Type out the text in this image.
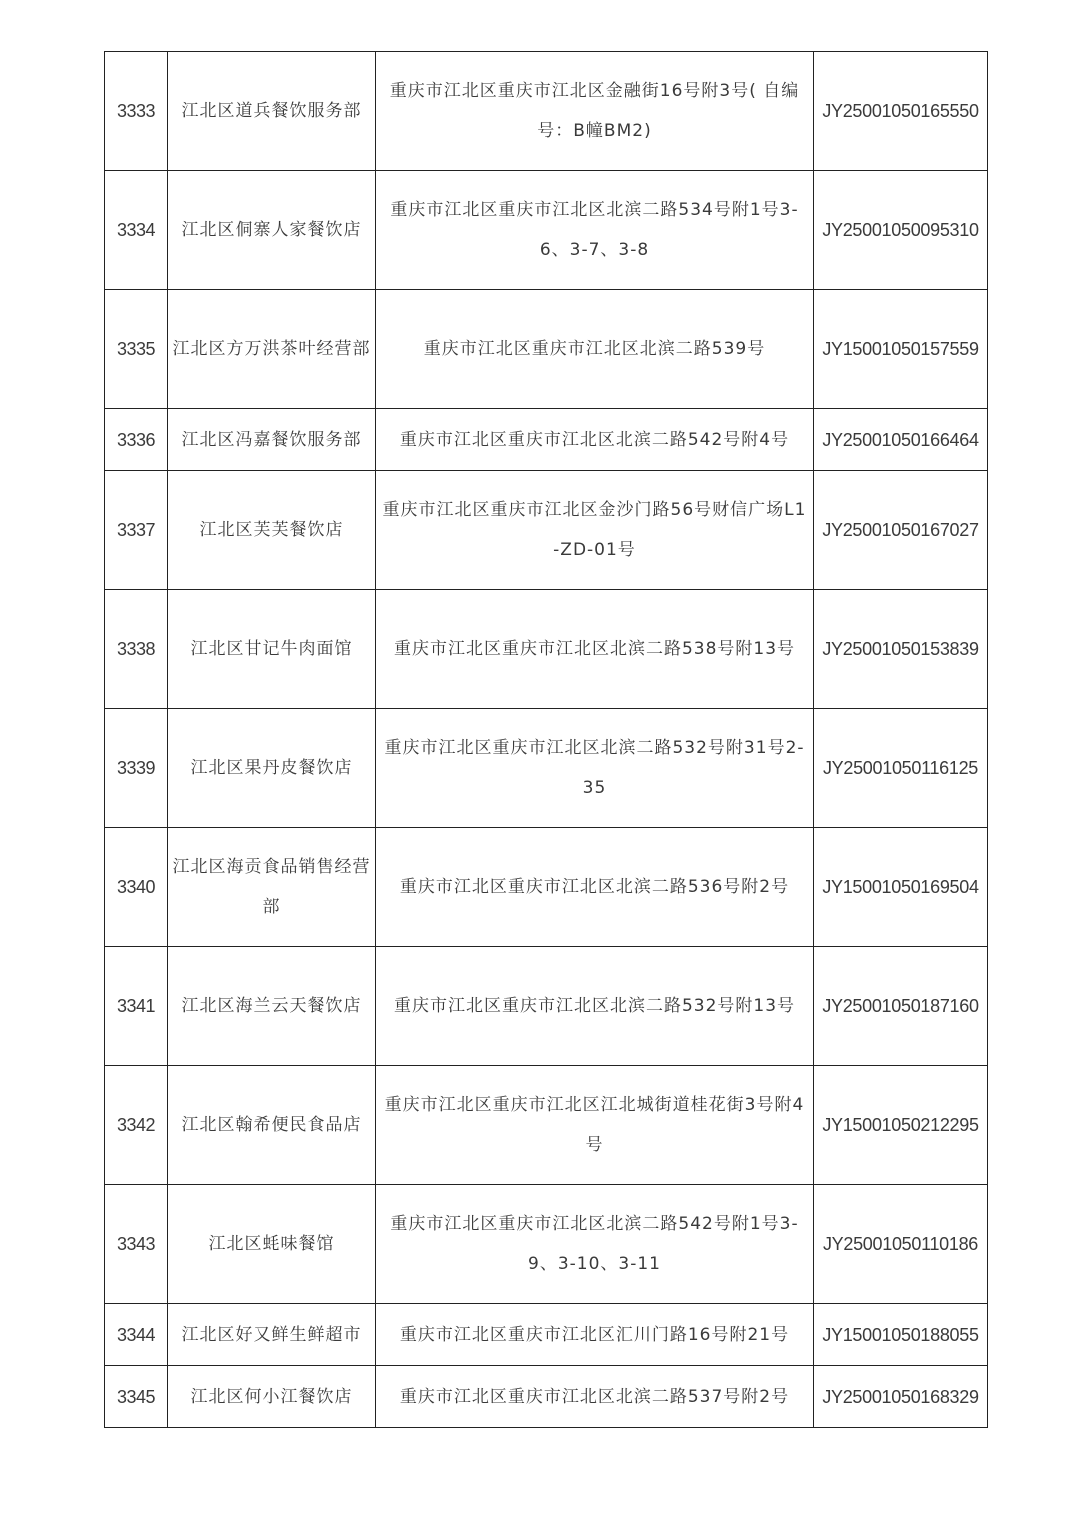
3333	江北区道兵餐饮服务部	重庆市江北区重庆市江北区金融街16号附3号( 自编号：B幢BM2)	JY25001050165550
3334	江北区侗寨人家餐饮店	重庆市江北区重庆市江北区北滨二路534号附1号3-6、3-7、3-8	JY25001050095310
3335	江北区方万洪茶叶经营部	重庆市江北区重庆市江北区北滨二路539号	JY15001050157559
3336	江北区冯嘉餐饮服务部	重庆市江北区重庆市江北区北滨二路542号附4号	JY25001050166464
3337	江北区芙芙餐饮店	重庆市江北区重庆市江北区金沙门路56号财信广场L1-ZD-01号	JY25001050167027
3338	江北区甘记牛肉面馆	重庆市江北区重庆市江北区北滨二路538号附13号	JY25001050153839
3339	江北区果丹皮餐饮店	重庆市江北区重庆市江北区北滨二路532号附31号2-35	JY25001050116125
3340	江北区海贡食品销售经营部	重庆市江北区重庆市江北区北滨二路536号附2号	JY15001050169504
3341	江北区海兰云天餐饮店	重庆市江北区重庆市江北区北滨二路532号附13号	JY25001050187160
3342	江北区翰希便民食品店	重庆市江北区重庆市江北区江北城街道桂花街3号附4号	JY15001050212295
3343	江北区蚝味餐馆	重庆市江北区重庆市江北区北滨二路542号附1号3-9、3-10、3-11	JY25001050110186
3344	江北区好又鲜生鲜超市	重庆市江北区重庆市江北区汇川门路16号附21号	JY15001050188055
3345	江北区何小江餐饮店	重庆市江北区重庆市江北区北滨二路537号附2号	JY25001050168329
